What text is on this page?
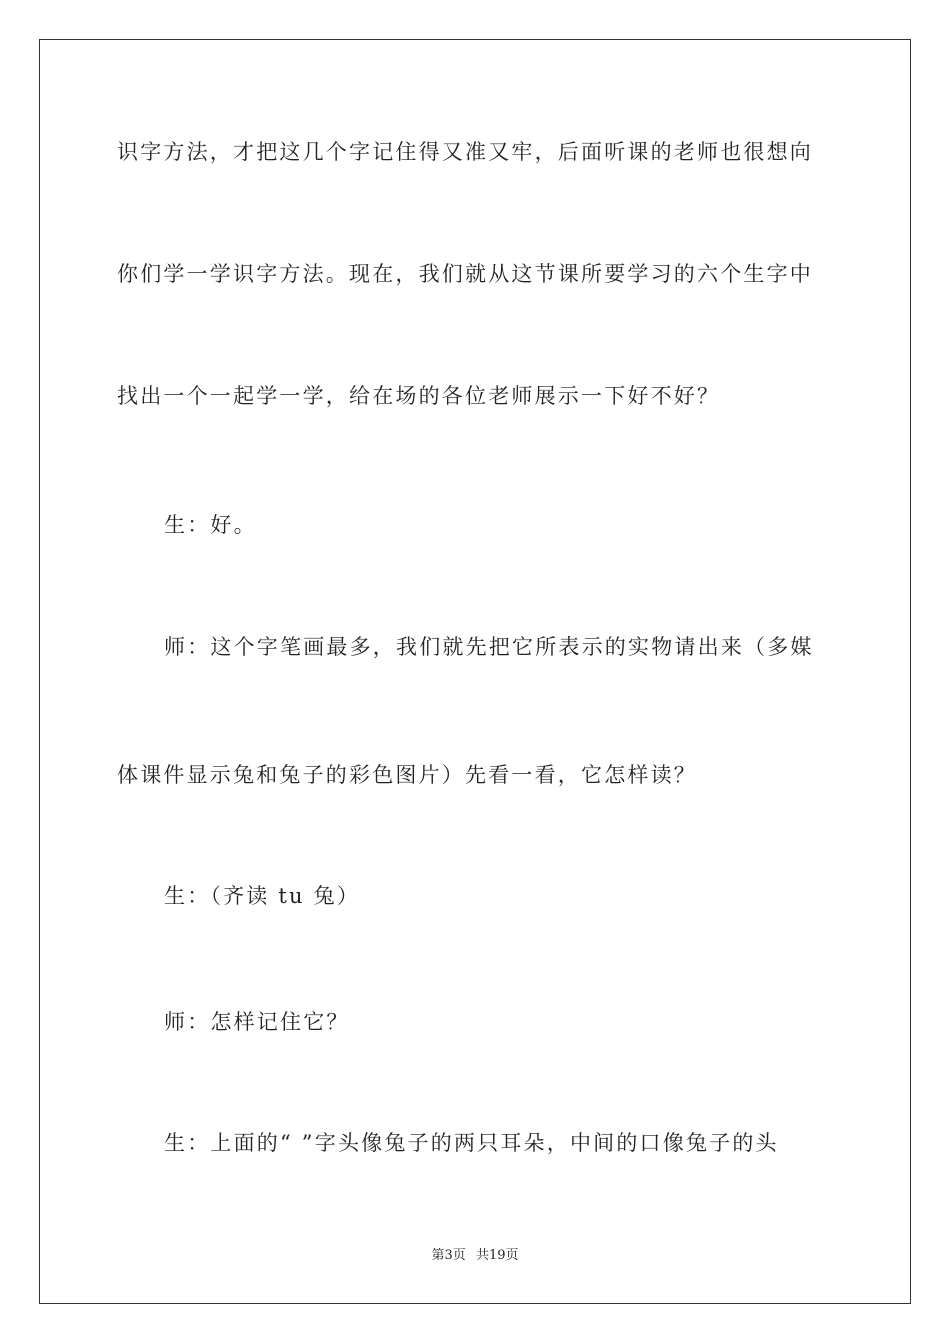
识字方法，才把这几个字记住得又准又牢，后面听课的老师也很想向
你们学一学识字方法。现在，我们就从这节课所要学习的六个生字中
找出一个一起学一学，给在场的各位老师展示一下好不好？
生：好。
师：这个字笔画最多，我们就先把它所表示的实物请出来（多媒
体课件显示兔和兔子的彩色图片）先看一看，它怎样读？
生：（齐读 tu 兔）
师：怎样记住它？
生：上面的“ ”字头像兔子的两只耳朵，中间的口像兔子的头
第3页 共19页
